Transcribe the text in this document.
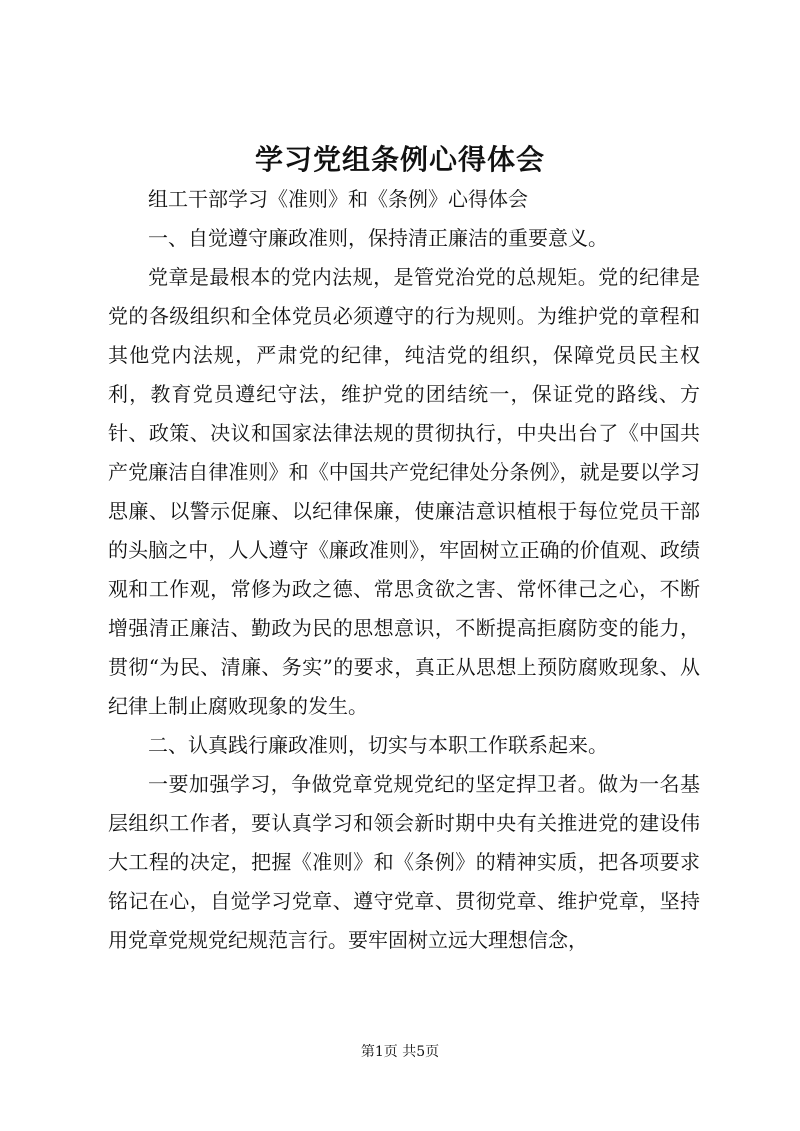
学习党组条例心得体会

组工干部学习《准则》和《条例》心得体会

一、自觉遵守廉政准则，保持清正廉洁的重要意义。

党章是最根本的党内法规，是管党治党的总规矩。党的纪律是党的各级组织和全体党员必须遵守的行为规则。为维护党的章程和其他党内法规，严肃党的纪律，纯洁党的组织，保障党员民主权利，教育党员遵纪守法，维护党的团结统一，保证党的路线、方针、政策、决议和国家法律法规的贯彻执行，中央出台了《中国共产党廉洁自律准则》和《中国共产党纪律处分条例》，就是要以学习思廉、以警示促廉、以纪律保廉，使廉洁意识植根于每位党员干部的头脑之中，人人遵守《廉政准则》，牢固树立正确的价值观、政绩观和工作观，常修为政之德、常思贪欲之害、常怀律己之心，不断增强清正廉洁、勤政为民的思想意识，不断提高拒腐防变的能力，贯彻“为民、清廉、务实”的要求，真正从思想上预防腐败现象、从纪律上制止腐败现象的发生。

二、认真践行廉政准则，切实与本职工作联系起来。

一要加强学习，争做党章党规党纪的坚定捍卫者。做为一名基层组织工作者，要认真学习和领会新时期中央有关推进党的建设伟大工程的决定，把握《准则》和《条例》的精神实质，把各项要求铭记在心，自觉学习党章、遵守党章、贯彻党章、维护党章，坚持用党章党规党纪规范言行。要牢固树立远大理想信念，

第1页 共5页
